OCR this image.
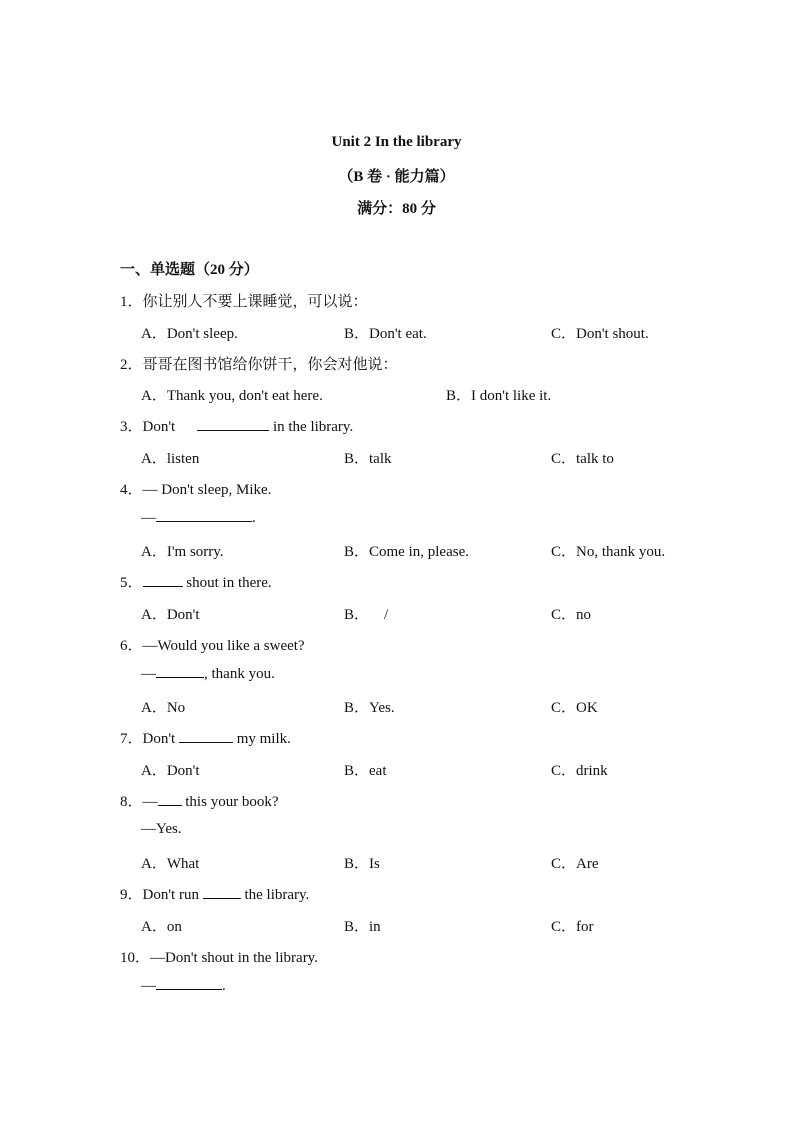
Unit 2 In the library
（B 卷 · 能力篇）
满分：80 分
一、单选题（20 分）
1．你让别人不要上课睡觉，可以说：
A．Don't sleep.	B．Don't eat.	C．Don't shout.
2．哥哥在图书馆给你饼干，你会对他说：
A．Thank you, don't eat here.	B．I don't like it.
3．Don't	in the library.
A．listen	B．talk	C．talk to
4．— Don't sleep, Mike.
—	.
A．I'm sorry.	B．Come in, please.	C．No, thank you.
5．	shout in there.
A．Don't	B．    /	C．no
6．—Would you like a sweet?
—	, thank you.
A．No	B．Yes.	C．OK
7．Don't	my milk.
A．Don't	B．eat	C．drink
8．— this your book?
—Yes.
A．What	B．Is	C．Are
9．Don't run	the library.
A．on	B．in	C．for
10．—Don't shout in the library.
—	.
